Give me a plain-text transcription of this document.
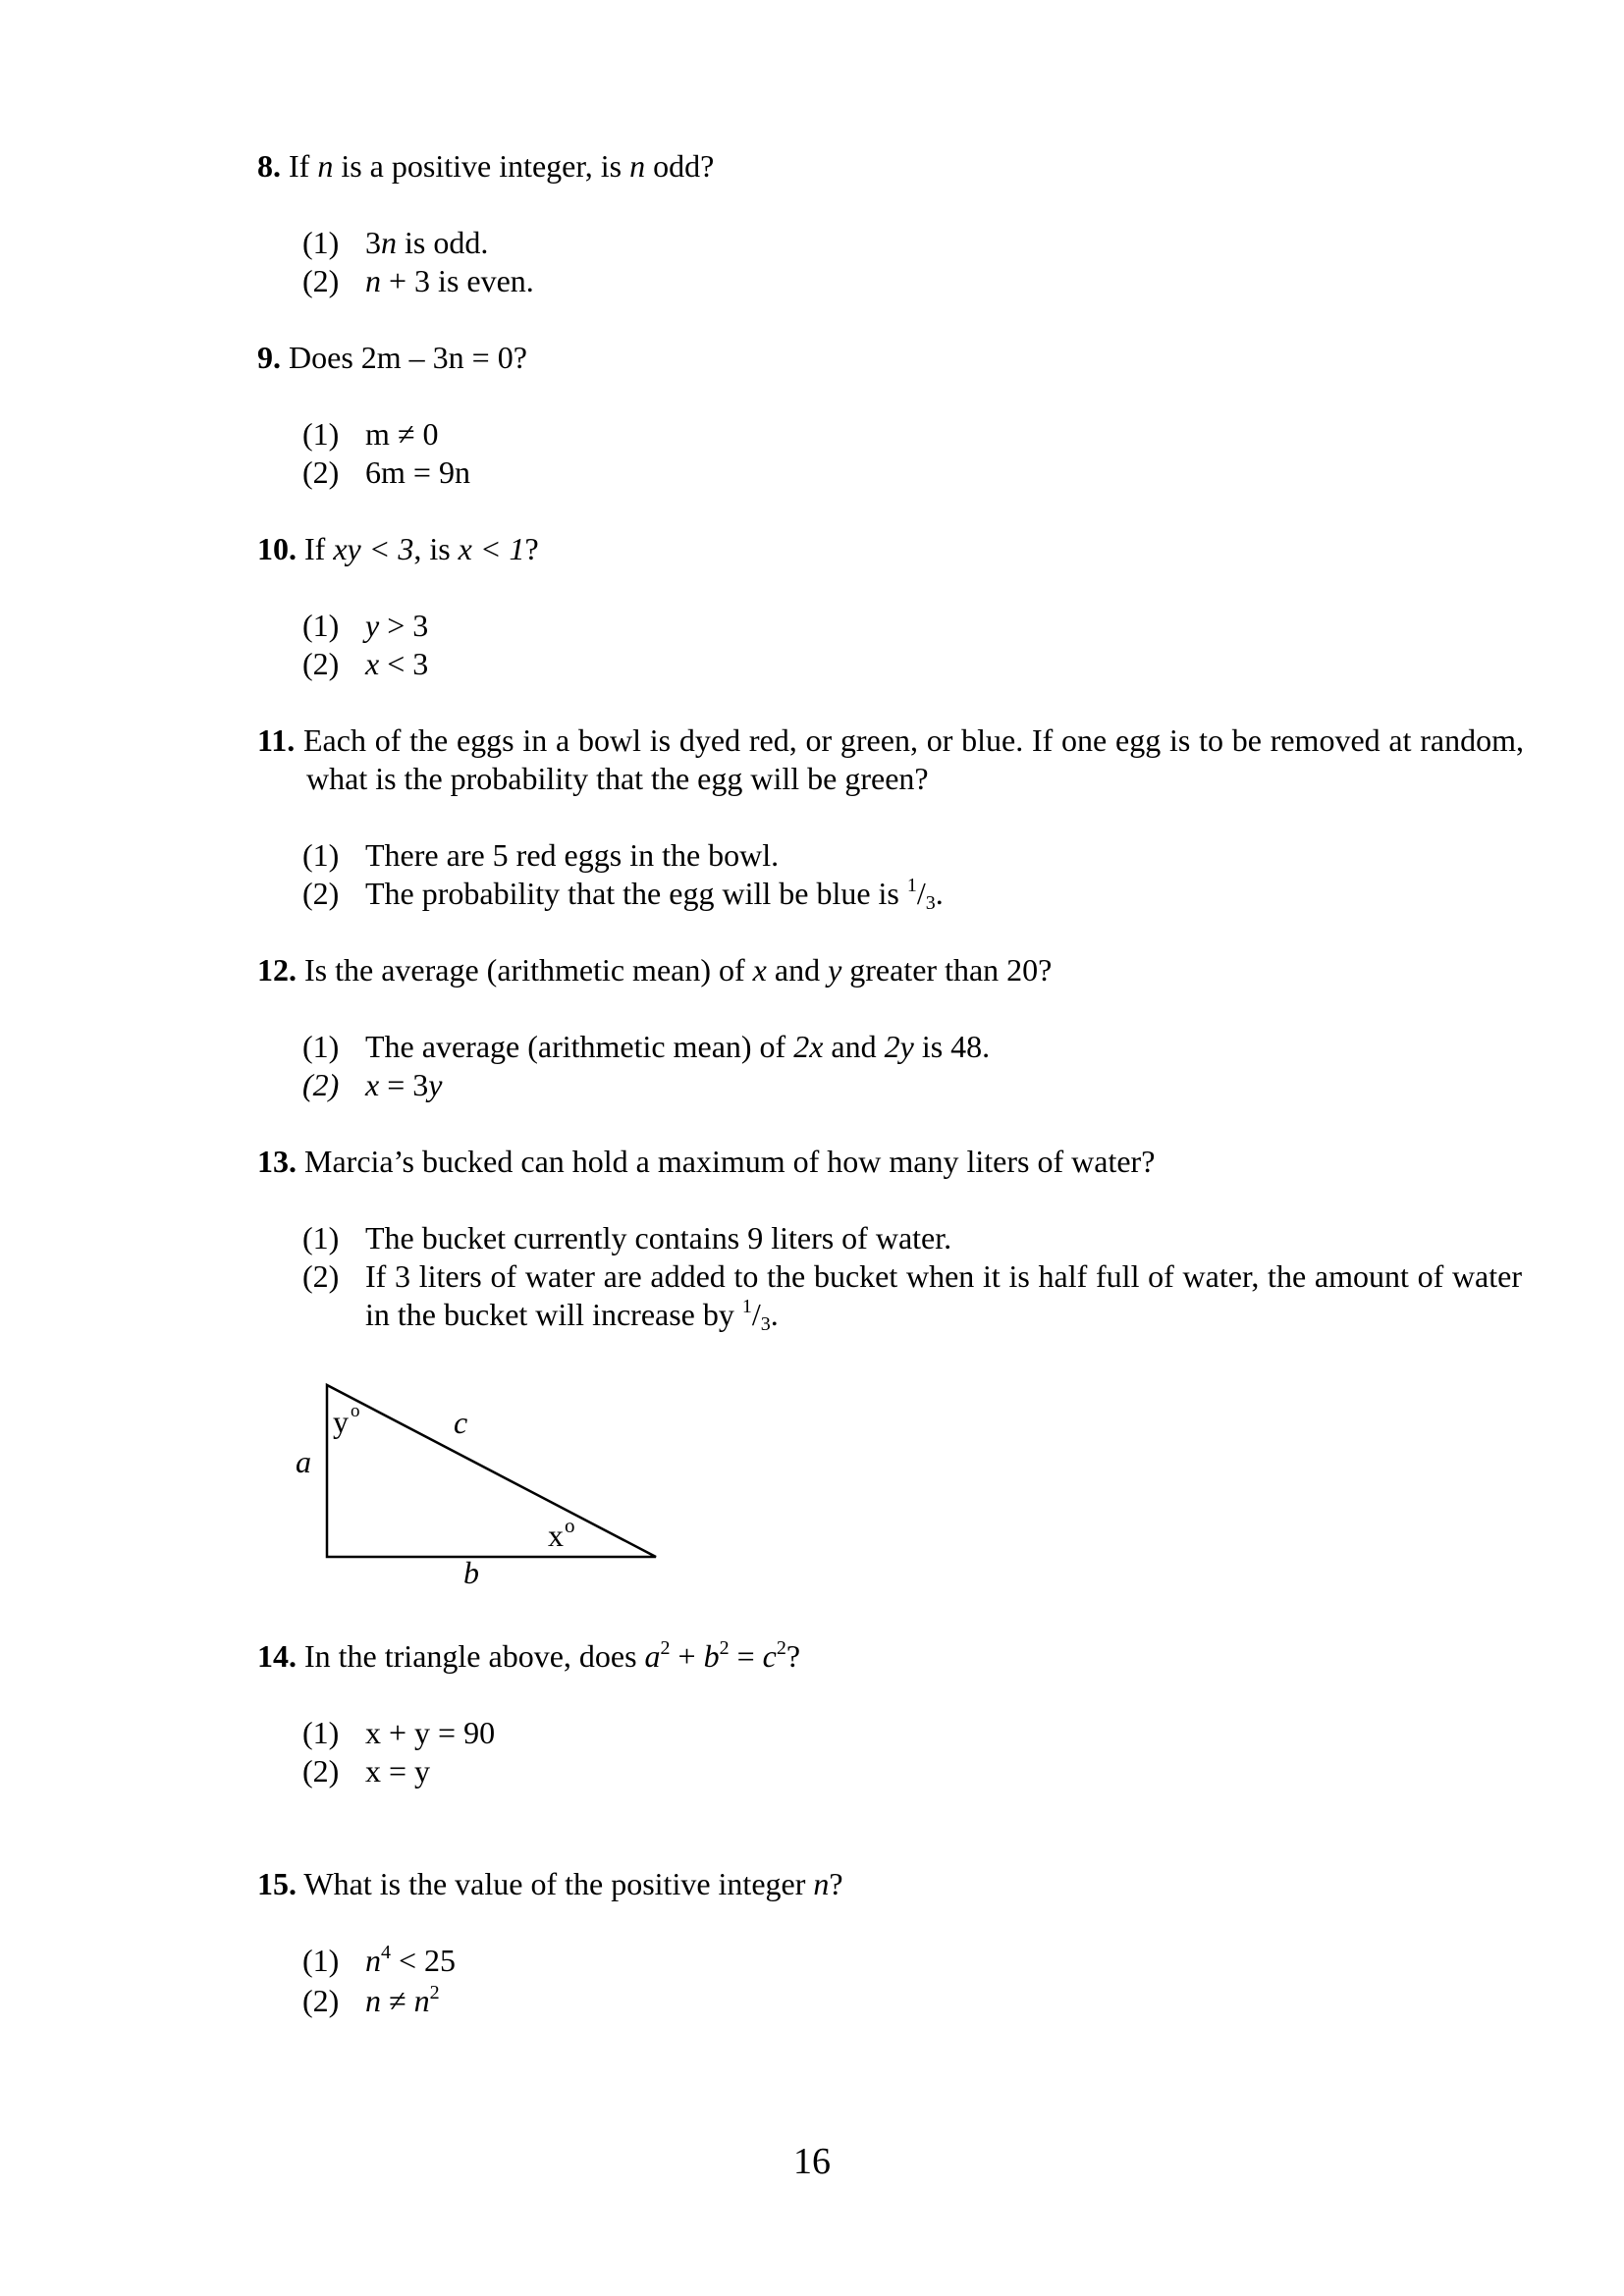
8. If n is a positive integer, is n odd?
(1) 3n is odd.
(2) n + 3 is even.
9. Does 2m – 3n = 0?
(1) m ≠ 0
(2) 6m = 9n
10. If xy < 3, is x < 1?
(1) y > 3
(2) x < 3
11. Each of the eggs in a bowl is dyed red, or green, or blue. If one egg is to be removed at random, what is the probability that the egg will be green?
(1) There are 5 red eggs in the bowl.
(2) The probability that the egg will be blue is $^1/_3$.
12. Is the average (arithmetic mean) of x and y greater than 20?
(1) The average (arithmetic mean) of 2x and 2y is 48.
(2) x = 3y
13. Marcia’s bucked can hold a maximum of how many liters of water?
(1) The bucket currently contains 9 liters of water.
(2) If 3 liters of water are added to the bucket when it is half full of water, the amount of water in the bucket will increase by $^1/_3$.
a
b
c
y o
x o
14. In the triangle above, does $a^2 + b^2 = c^2$?
(1) x + y = 90
(2) x = y
15. What is the value of the positive integer n?
(1) $n^4 < 25$
(2) $n \ne n^2$
16
